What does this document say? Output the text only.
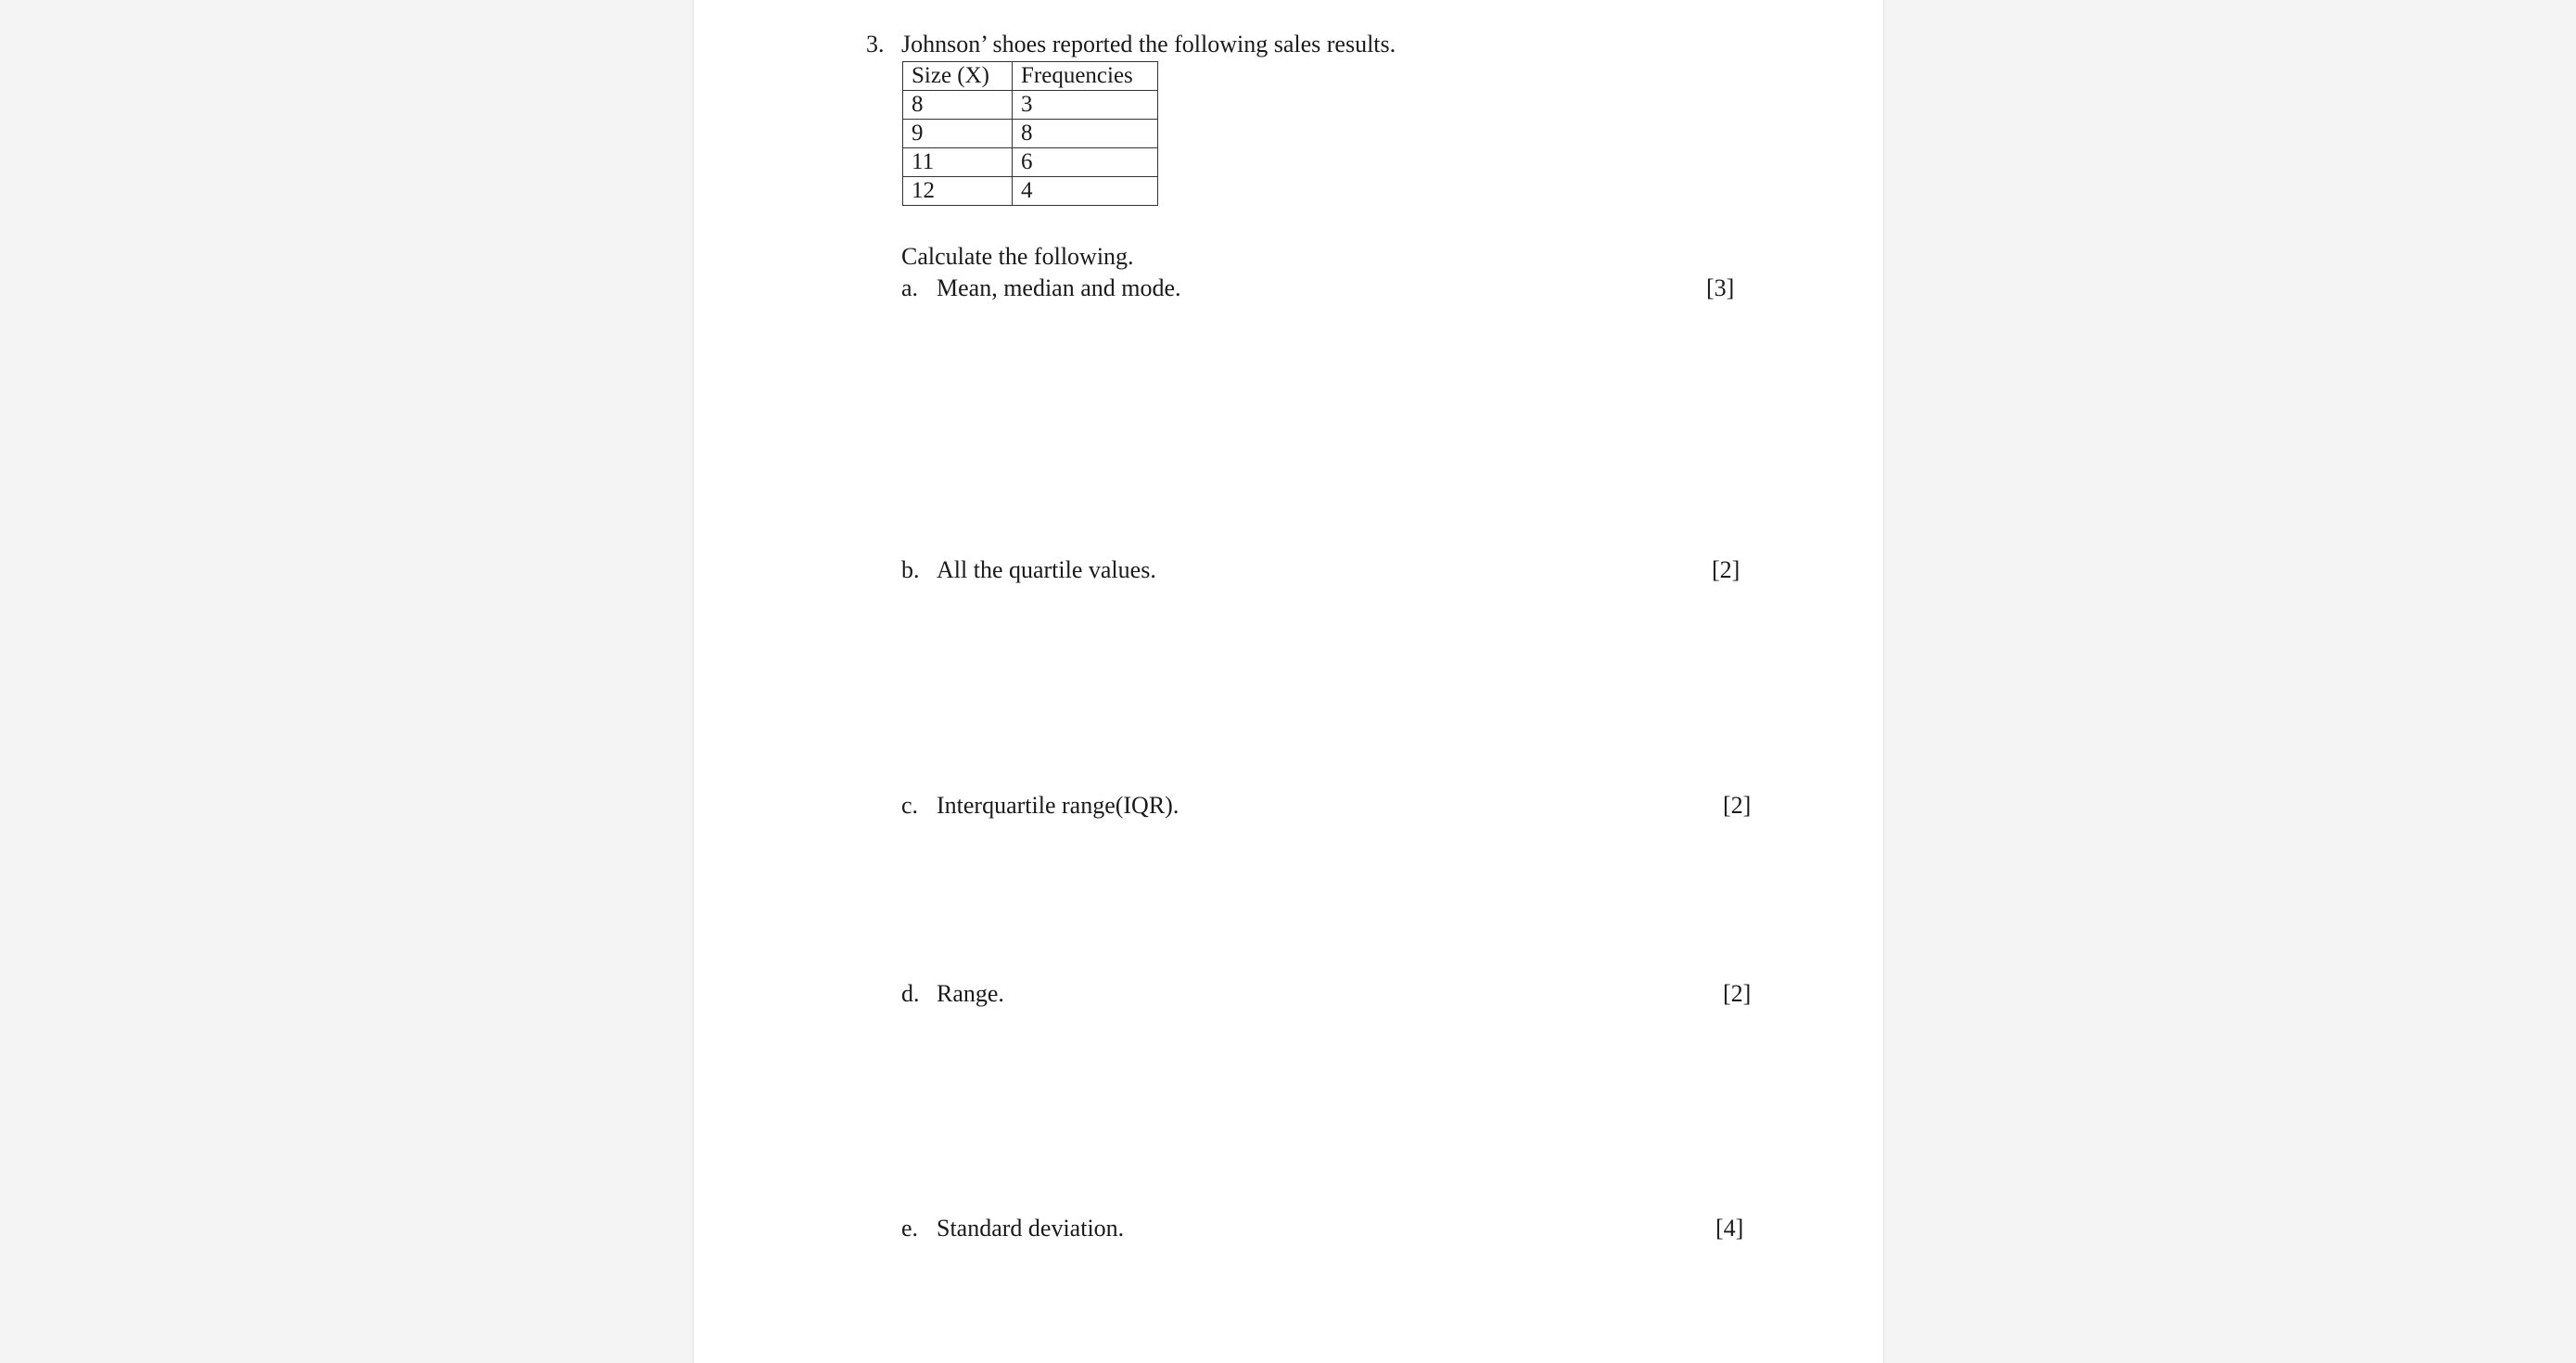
3. Johnson’ shoes reported the following sales results.
Size (X)	Frequencies
8	3
9	8
11	6
12	4
Calculate the following.
a. Mean, median and mode.	[3]
b. All the quartile values.	[2]
c. Interquartile range(IQR).	[2]
d. Range.	[2]
e. Standard deviation.	[4]
